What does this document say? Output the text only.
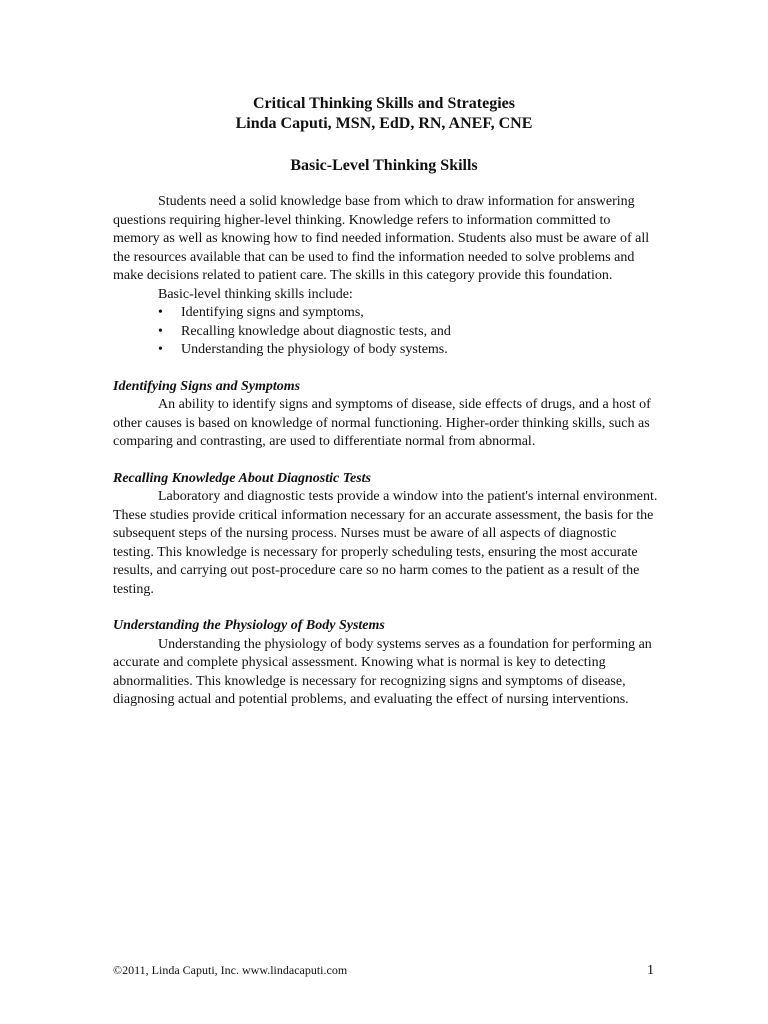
Critical Thinking Skills and Strategies
Linda Caputi, MSN, EdD, RN, ANEF, CNE
Basic-Level Thinking Skills

Students need a solid knowledge base from which to draw information for answering questions requiring higher-level thinking. Knowledge refers to information committed to memory as well as knowing how to find needed information. Students also must be aware of all the resources available that can be used to find the information needed to solve problems and make decisions related to patient care. The skills in this category provide this foundation.

Basic-level thinking skills include:

• Identifying signs and symptoms,
• Recalling knowledge about diagnostic tests, and
• Understanding the physiology of body systems.

Identifying Signs and Symptoms

An ability to identify signs and symptoms of disease, side effects of drugs, and a host of other causes is based on knowledge of normal functioning. Higher-order thinking skills, such as comparing and contrasting, are used to differentiate normal from abnormal.

Recalling Knowledge About Diagnostic Tests

Laboratory and diagnostic tests provide a window into the patient's internal environment. These studies provide critical information necessary for an accurate assessment, the basis for the subsequent steps of the nursing process. Nurses must be aware of all aspects of diagnostic testing. This knowledge is necessary for properly scheduling tests, ensuring the most accurate results, and carrying out post-procedure care so no harm comes to the patient as a result of the testing.

Understanding the Physiology of Body Systems

Understanding the physiology of body systems serves as a foundation for performing an accurate and complete physical assessment. Knowing what is normal is key to detecting abnormalities. This knowledge is necessary for recognizing signs and symptoms of disease, diagnosing actual and potential problems, and evaluating the effect of nursing interventions.

©2011, Linda Caputi, Inc. www.lindacaputi.com	1
